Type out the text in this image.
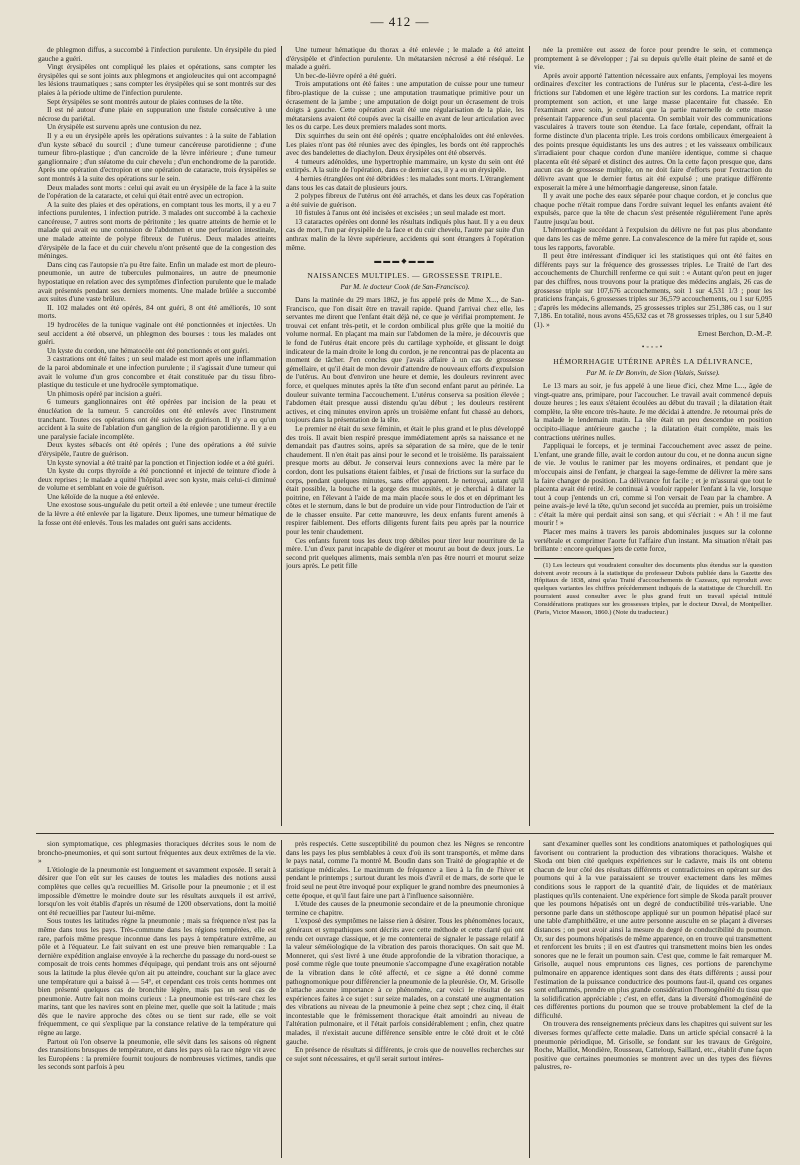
— 412 —

de phlegmon diffus, a succombé à l'infection purulente. Un érysipèle du pied gauche a guéri.

Vingt érysipèles ont compliqué les plaies et opérations, sans compter les érysipèles qui se sont joints aux phlegmons et angioleucites qui ont accompagné les lésions traumatiques ; sans compter les érysipèles qui se sont montrés sur des plaies à la période ultime de l'infection purulente.

Sept érysipèles se sont montrés autour de plaies contuses de la tête.

Il est né autour d'une plaie en suppuration une fistule consécutive à une nécrose du pariétal.

Un érysipèle est survenu après une contusion du nez.

Il y a eu un érysipèle après les opérations suivantes : à la suite de l'ablation d'un kyste sébacé du sourcil ; d'une tumeur cancéreuse parotidienne ; d'une tumeur fibro-plastique ; d'un cancroïde de la lèvre inférieure ; d'une tumeur ganglionnaire ; d'un stéatome du cuir chevelu ; d'un enchondrome de la parotide. Après une opération d'ectropion et une opération de cataracte, trois érysipèles se sont montrés à la suite des opérations sur le sein.

Deux malades sont morts : celui qui avait eu un érysipèle de la face à la suite de l'opération de la cataracte, et celui qui était entré avec un ectropion.

A la suite des plaies et des opérations, en comptant tous les morts, il y a eu 7 infections purulentes, 1 infection putride. 3 malades ont succombé à la cachexie cancéreuse, 7 autres sont morts de péritonite ; les quatre atteints de hernie et le malade qui avait eu une contusion de l'abdomen et une perforation intestinale, une malade atteinte de polype fibreux de l'utérus. Deux malades atteints d'érysipèle de la face et du cuir chevelu n'ont présenté que de la congestion des méninges.

Dans cinq cas l'autopsie n'a pu être faite. Enfin un malade est mort de pleuro-pneumonie, un autre de tubercules pulmonaires, un autre de pneumonie hypostatique en relation avec des symptômes d'infection purulente que le malade avait présentés pendant ses derniers moments. Une malade brûlée a succombé aux suites d'une vaste brûlure.

II. 102 malades ont été opérés, 84 ont guéri, 8 ont été améliorés, 10 sont morts.

19 hydrocèles de la tunique vaginale ont été ponctionnées et injectées. Un seul accident a été observé, un phlegmon des bourses : tous les malades ont guéri.

Un kyste du cordon, une hématocèle ont été ponctionnés et ont guéri.

3 castrations ont été faites ; un seul malade est mort après une inflammation de la paroi abdominale et une infection purulente ; il s'agissait d'une tumeur qui avait le volume d'un gros concombre et était constituée par du tissu fibro-plastique du testicule et une hydrocèle symptomatique.

Un phimosis opéré par incision a guéri.

6 tumeurs ganglionnaires ont été opérées par incision de la peau et énucléation de la tumeur. 5 cancroïdes ont été enlevés avec l'instrument tranchant. Toutes ces opérations ont été suivies de guérison. Il n'y a eu qu'un accident à la suite de l'ablation d'un ganglion de la région parotidienne. Il y a eu une paralysie faciale incomplète.

Deux kystes sébacés ont été opérés ; l'une des opérations a été suivie d'érysipèle, l'autre de guérison.

Un kyste synovial a été traité par la ponction et l'injection iodée et a été guéri.

Un kyste du corps thyroïde a été ponctionné et injecté de teinture d'iode à deux reprises ; le malade a quitté l'hôpital avec son kyste, mais celui-ci diminué de volume et semblant en voie de guérison.

Une kéloïde de la nuque a été enlevée.

Une exostose sous-unguéale du petit orteil a été enlevée ; une tumeur érectile de la lèvre a été enlevée par la ligature. Deux lipomes, une tumeur hématique de la fosse ont été enlevés. Tous les malades ont guéri sans accidents.

Une tumeur hématique du thorax a été enlevée ; le malade a été atteint d'érysipèle et d'infection purulente. Un métatarsien nécrosé a été réséqué. Le malade a guéri.

Un bec-de-lièvre opéré a été guéri.

Trois amputations ont été faites : une amputation de cuisse pour une tumeur fibro-plastique de la cuisse ; une amputation traumatique primitive pour un écrasement de la jambe ; une amputation de doigt pour un écrasement de trois doigts à gauche. Cette opération avait été une régularisation de la plaie, les métatarsiens avaient été coupés avec la cisaille en avant de leur articulation avec les os du carpe. Les deux premiers malades sont morts.

Dix squirrhes du sein ont été opérés ; quatre encéphaloïdes ont été enlevées. Les plaies n'ont pas été réunies avec des épingles, les bords ont été rapprochés avec des bandelettes de diachylon. Deux érysipèles ont été observés.

4 tumeurs adénoïdes, une hypertrophie mammaire, un kyste du sein ont été extirpés. A la suite de l'opération, dans ce dernier cas, il y a eu un érysipèle.

4 hernies étranglées ont été débridées : les malades sont morts. L'étranglement dans tous les cas datait de plusieurs jours.

2 polypes fibreux de l'utérus ont été arrachés, et dans les deux cas l'opération a été suivie de guérison.

10 fistules à l'anus ont été incisées et excisées ; un seul malade est mort.

13 cataractes opérées ont donné les résultats indiqués plus haut. Il y a eu deux cas de mort, l'un par érysipèle de la face et du cuir chevelu, l'autre par suite d'un anthrax malin de la lèvre supérieure, accidents qui sont étrangers à l'opération même.

▬▬▬◆▬▬▬

NAISSANCES MULTIPLES. — GROSSESSE TRIPLE.

Par M. le docteur Cook (de San-Francisco).

Dans la matinée du 29 mars 1862, je fus appelé près de Mme X..., de San-Francisco, que l'on disait être en travail rapide. Quand j'arrivai chez elle, les servantes me dirent que l'enfant était déjà né, ce que je vérifiai promptement. Je trouvai cet enfant très-petit, et le cordon ombilical plus grêle que la moitié du volume normal. En plaçant ma main sur l'abdomen de la mère, je découvris que le fond de l'utérus était encore près du cartilage xyphoïde, et glissant le doigt indicateur de la main droite le long du cordon, je ne rencontrai pas de placenta au moment de tâcher. J'en conclus que j'avais affaire à un cas de grossesse gémellaire, et qu'il était de mon devoir d'attendre de nouveaux efforts d'expulsion de l'utérus. Au bout d'environ une heure et demie, les douleurs revinrent avec force, et quelques minutes après la tête d'un second enfant parut au périnée. La douleur suivante termina l'accouchement. L'utérus conserva sa position élevée ; l'abdomen était presque aussi distendu qu'au début ; les douleurs restèrent actives, et cinq minutes environ après un troisième enfant fut chassé au dehors, toujours dans la présentation de la tête.

Le premier né était du sexe féminin, et était le plus grand et le plus développé des trois. Il avait bien respiré presque immédiatement après sa naissance et ne demandait pas d'autres soins, après sa séparation de sa mère, que de le tenir chaudement. Il n'en était pas ainsi pour le second et le troisième. Ils paraissaient presque morts au début. Je conservai leurs connexions avec la mère par le cordon, dont les pulsations étaient faibles, et j'usai de frictions sur la surface du corps, pendant quelques minutes, sans effet apparent. Je nettoyai, autant qu'il était possible, la bouche et la gorge des mucosités, et je cherchai à dilater la poitrine, en l'élevant à l'aide de ma main placée sous le dos et en déprimant les côtes et le sternum, dans le but de produire un vide pour l'introduction de l'air et de le chasser ensuite. Par cette manœuvre, les deux enfants furent amenés à respirer faiblement. Des efforts diligents furent faits peu après par la nourrice pour les tenir chaudement.

Ces enfants furent tous les deux trop débiles pour tirer leur nourriture de la mère. L'un d'eux parut incapable de digérer et mourut au bout de deux jours. Le second prit quelques aliments, mais sembla n'en pas être nourri et mourut seize jours après. Le petit fille

née la première eut assez de force pour prendre le sein, et commença promptement à se développer ; j'ai su depuis qu'elle était pleine de santé et de vie.

Après avoir apporté l'attention nécessaire aux enfants, j'employai les moyens ordinaires d'exciter les contractions de l'utérus sur le placenta, c'est-à-dire les frictions sur l'abdomen et une légère traction sur les cordons. La matrice reprit promptement son action, et une large masse placentaire fut chassée. En l'examinant avec soin, je constatai que la partie maternelle de cette masse présentait l'apparence d'un seul placenta. On semblait voir des communications vasculaires à travers toute son étendue. La face fœtale, cependant, offrait la forme distincte d'un placenta triple. Les trois cordons ombilicaux émergeaient à des points presque équidistants les uns des autres ; et les vaisseaux ombilicaux s'irradiaient pour chaque cordon d'une manière identique, comme si chaque placenta eût été séparé et distinct des autres. On la cette façon presque que, dans aucun cas de grossesse multiple, on ne doit faire d'efforts pour l'extraction du délivre avant que le dernier fœtus ait été expulsé ; une pratique différente exposerait la mère à une hémorrhagie dangereuse, sinon fatale.

Il y avait une poche des eaux séparée pour chaque cordon, et je conclus que chaque poche n'était rompue dans l'ordre suivant lequel les enfants avaient été expulsés, parce que la tête de chacun s'est présentée régulièrement l'une après l'autre jusqu'au bout.

L'hémorrhagie succédant à l'expulsion du délivre ne fut pas plus abondante que dans les cas de même genre. La convalescence de la mère fut rapide et, sous tous les rapports, favorable.

Il peut être intéressant d'indiquer ici les statistiques qui ont été faites en différents pays sur la fréquence des grossesses triples. Le Traité de l'art des accouchements de Churchill renferme ce qui suit : « Autant qu'on peut en juger par des chiffres, nous trouvons pour la pratique des médecins anglais, 26 cas de grossesse triple sur 107,676 accouchements, soit 1 sur 4,531 1/3 ; pour les praticiens français, 6 grossesses triples sur 36,579 accouchements, ou 1 sur 6,095 ; d'après les médecins allemands, 25 grossesses triples sur 251,386 cas, ou 1 sur 7,186. En totalité, nous avons 455,632 cas et 78 grossesses triples, ou 1 sur 5,840 (1). »

Ernest Berchon, D.-M.-P.

•◦◦◦•

HÉMORRHAGIE UTÉRINE APRÈS LA DÉLIVRANCE,

Par M. le Dr Bonvin, de Sion (Valais, Suisse).

Le 13 mars au soir, je fus appelé à une lieue d'ici, chez Mme L..., âgée de vingt-quatre ans, primipare, pour l'accoucher. Le travail avait commencé depuis douze heures ; les eaux s'étaient écoulées au début du travail ; la dilatation était complète, la tête encore très-haute. Je me décidai à attendre. Je retournai près de la malade le lendemain matin. La tête était un peu descendue en position occipito-iliaque antérieure gauche ; la dilatation était complète, mais les contractions utérines nulles.

J'appliquai le forceps, et je terminai l'accouchement avec assez de peine. L'enfant, une grande fille, avait le cordon autour du cou, et ne donna aucun signe de vie. Je voulus le ranimer par les moyens ordinaires, et pendant que je m'occupais ainsi de l'enfant, je chargeai la sage-femme de délivrer la mère sans la faire changer de position. La délivrance fut facile ; et je m'assurai que tout le placenta avait été retiré. Je continuai à vouloir rappeler l'enfant à la vie, lorsque tout à coup j'entends un cri, comme si l'on versait de l'eau par la chambre. A peine avais-je levé la tête, qu'un second jet succéda au premier, puis un troisième : c'était la mère qui perdait ainsi son sang, et qui s'écriait : « Ah ! il me faut mourir ! »

Placer mes mains à travers les parois abdominales jusques sur la colonne vertébrale et comprimer l'aorte fut l'affaire d'un instant. Ma situation n'était pas brillante : encore quelques jets de cette force,

(1) Les lecteurs qui voudraient consulter des documents plus étendus sur la question doivent avoir recours à la statistique du professeur Dubois publiée dans la Gazette des Hôpitaux de 1838, ainsi qu'au Traité d'accouchements de Cazeaux, qui reproduit avec quelques variantes les chiffres précédemment indiqués de la statistique de Churchill. En pourraient aussi consulter avec le plus grand fruit un travail spécial intitulé Considérations pratiques sur les grossesses triples, par le docteur Duval, de Montpellier. (Paris, Victor Masson, 1860.) (Note du traducteur.)

sion symptomatique, ces phlegmasies thoraciques décrites sous le nom de broncho-pneumonies, et qui sont surtout fréquentes aux deux extrêmes de la vie. »

L'étiologie de la pneumonie est longuement et savamment exposée. Il serait à désirer que l'on eût sur les causes de toutes les maladies des notions aussi complètes que celles qu'a recueillies M. Grisolle pour la pneumonie ; et il est impossible d'émettre le moindre doute sur les résultats auxquels il est arrivé, lorsqu'on les voit établis d'après un résumé de 1200 observations, dont la moitié ont été recueillies par l'auteur lui-même.

Sous toutes les latitudes règne la pneumonie ; mais sa fréquence n'est pas la même dans tous les pays. Très-commune dans les régions tempérées, elle est rare, parfois même presque inconnue dans les pays à température extrême, au pôle et à l'équateur. Le fait suivant en est une preuve bien remarquable : La dernière expédition anglaise envoyée à la recherche du passage du nord-ouest se composait de trois cents hommes d'équipage, qui pendant trois ans ont séjourné sous la latitude la plus élevée qu'on ait pu atteindre, couchant sur la glace avec une température qui a baissé à — 54°, et cependant ces trois cents hommes ont bien présenté quelques cas de bronchite légère, mais pas un seul cas de pneumonie. Autre fait non moins curieux : La pneumonie est très-rare chez les marins, tant que les navires sont en pleine mer, quelle que soit la latitude ; mais dès que le navire approche des côtes ou se tient sur rade, elle se voit fréquemment, ce qui s'explique par la constance relative de la température qui règne au large.

Partout où l'on observe la pneumonie, elle sévit dans les saisons où règnent des transitions brusques de température, et dans les pays où la race nègre vit avec les Européens : la première fournit toujours de nombreuses victimes, tandis que les seconds sont parfois à peu

près respectés. Cette susceptibilité du poumon chez les Nègres se rencontre dans les pays les plus semblables à ceux d'où ils sont transportés, et même dans le pays natal, comme l'a montré M. Boudin dans son Traité de géographie et de statistique médicales. Le maximum de fréquence a lieu à la fin de l'hiver et pendant le printemps ; surtout durant les mois d'avril et de mars, de sorte que le froid seul ne peut être invoqué pour expliquer le grand nombre des pneumonies à cette époque, et qu'il faut faire une part à l'influence saisonnière.

L'étude des causes de la pneumonie secondaire et de la pneumonie chronique termine ce chapitre.

L'exposé des symptômes ne laisse rien à désirer. Tous les phénomènes locaux, généraux et sympathiques sont décrits avec cette méthode et cette clarté qui ont rendu cet ouvrage classique, et je me contenterai de signaler le passage relatif à la valeur séméiologique de la vibration des parois thoraciques. On sait que M. Monneret, qui s'est livré à une étude approfondie de la vibration thoracique, a posé comme règle que toute pneumonie s'accompagne d'une exagération notable de la vibration dans le côté affecté, et ce signe a été donné comme pathognomonique pour différencier la pneumonie de la pleurésie. Or, M. Grisolle n'attache aucune importance à ce phénomène, car voici le résultat de ses expériences faites à ce sujet : sur seize malades, on a constaté une augmentation des vibrations au niveau de la pneumonie à peine chez sept ; chez cinq, il était incontestable que le frémissement thoracique était amoindri au niveau de l'altération pulmonaire, et il l'était parfois considérablement ; enfin, chez quatre malades, il n'existait aucune différence sensible entre le côté droit et le côté gauche.

En présence de résultats si différents, je crois que de nouvelles recherches sur ce sujet sont nécessaires, et qu'il serait surtout intéres-

sant d'examiner quelles sont les conditions anatomiques et pathologiques qui favorisent ou contrarient la production des vibrations thoraciques. Walshe et Skoda ont bien cité quelques expériences sur le cadavre, mais ils ont obtenu chacun de leur côté des résultats différents et contradictoires en opérant sur des poumons qui à la vue paraissaient se trouver exactement dans les mêmes conditions sous le rapport de la quantité d'air, de liquides et de matériaux plastiques qu'ils contenaient. Une expérience fort simple de Skoda paraît prouver que les poumons hépatisés ont un degré de conductibilité très-variable. Une personne parle dans un stéthoscope appliqué sur un poumon hépatisé placé sur une table d'amphithéâtre, et une autre personne ausculte en se plaçant à diverses distances ; on peut avoir ainsi la mesure du degré de conductibilité du poumon. Or, sur des poumons hépatisés de même apparence, on en trouve qui transmettent et renforcent les bruits ; il en est d'autres qui transmettent moins bien les ondes sonores que ne le ferait un poumon sain. C'est que, comme le fait remarquer M. Grisolle, auquel nous empruntons ces lignes, ces portions de parenchyme pulmonaire en apparence identiques sont dans des états différents ; aussi pour l'estimation de la puissance conductrice des poumons faut-il, quand ces organes sont enflammés, prendre en plus grande considération l'homogénéité du tissu que la solidification appréciable ; c'est, en effet, dans la diversité d'homogénéité de ces différentes portions du poumon que se trouve probablement la clef de la difficulté.

On trouvera des renseignements précieux dans les chapitres qui suivent sur les diverses formes qu'affecte cette maladie. Dans un article spécial consacré à la pneumonie périodique, M. Grisolle, se fondant sur les travaux de Grégoire, Roche, Maillot, Mondière, Rousseau, Catteloup, Saillard, etc., établit d'une façon positive que certaines pneumonies se montrent avec un des types des fièvres palustres, re-
